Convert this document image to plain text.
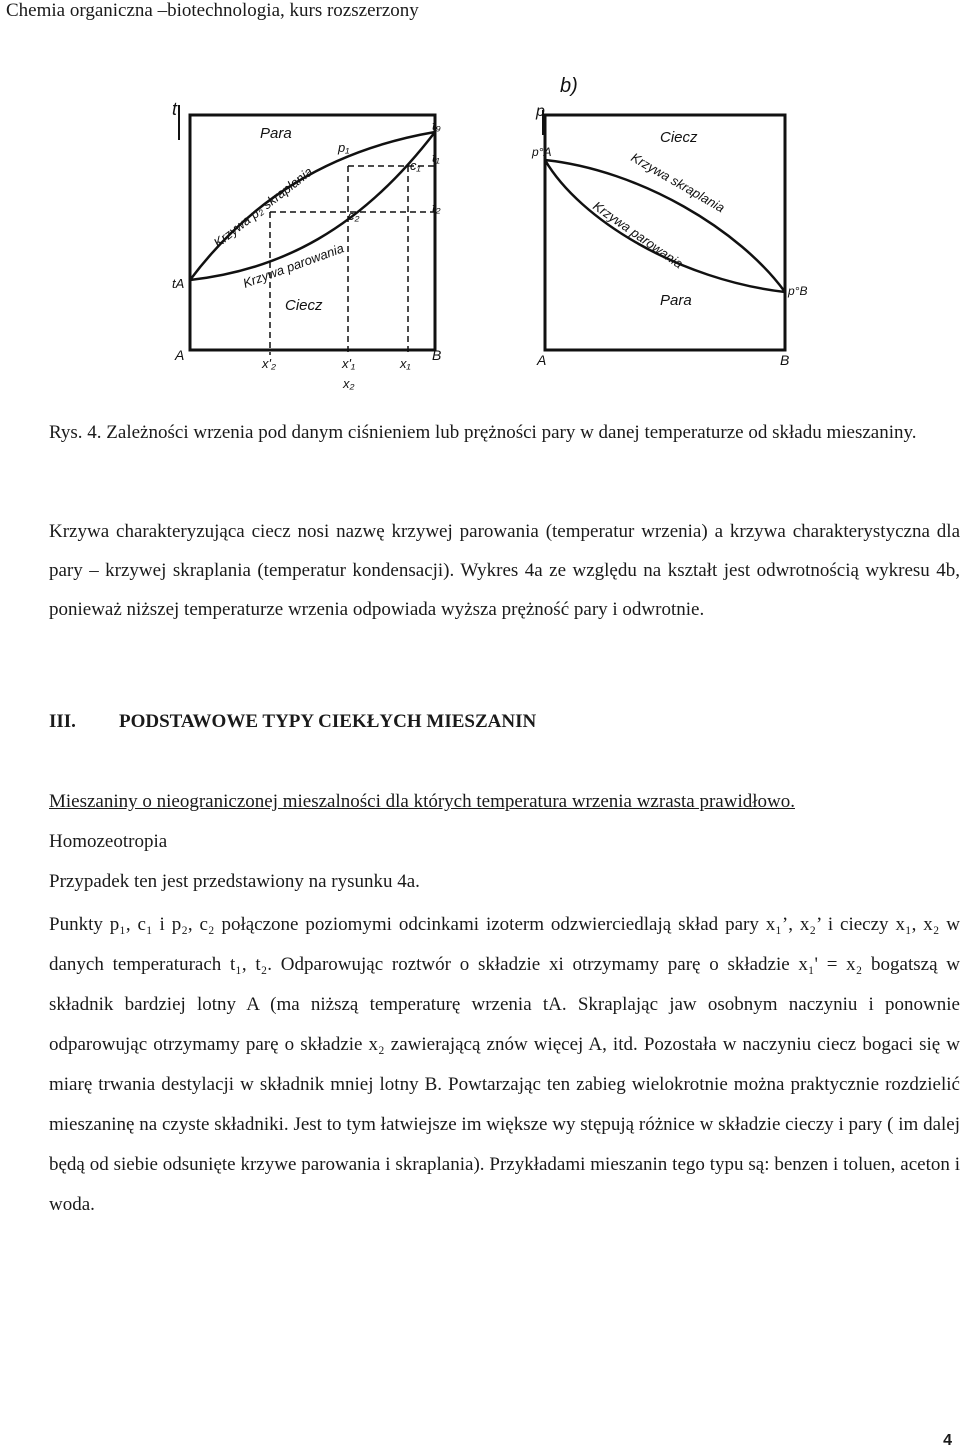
Chemia organiczna –biotechnologia, kurs rozszerzony
t
Para
Ciecz
Krzywa p₂ skraplania
Krzywa parowania
p₁
c₁
c₂
t₉
t₁
t₂
tA
A	B
x'₂	x'₁
x₂
x₁
b)
p
p°A
p°B
Ciecz
Para
Krzywa skraplania
Krzywa parowania
A	B
Rys. 4. Zależności wrzenia pod danym ciśnieniem lub prężności pary w danej temperaturze od składu mieszaniny.
Krzywa charakteryzująca ciecz nosi nazwę krzywej parowania (temperatur wrzenia) a krzywa charakterystyczna dla pary – krzywej skraplania (temperatur kondensacji). Wykres 4a ze względu na kształt jest odwrotnością wykresu 4b, ponieważ niższej temperaturze wrzenia odpowiada wyższa prężność pary i odwrotnie.
III. PODSTAWOWE TYPY CIEKŁYCH MIESZANIN
Mieszaniny o nieograniczonej mieszalności dla których temperatura wrzenia wzrasta prawidłowo.
Homozeotropia
Przypadek ten jest przedstawiony na rysunku 4a.
Punkty p₁, c₁ i p₂, c₂ połączone poziomymi odcinkami izoterm odzwierciedlają skład pary x₁’, x₂’ i cieczy x₁, x₂ w danych temperaturach t₁, t₂. Odparowując roztwór o składzie xi otrzymamy parę o składzie x₁' = x₂ bogatszą w składnik bardziej lotny A (ma niższą temperaturę wrzenia tA. Skraplając jaw osobnym naczyniu i ponownie odparowując otrzymamy parę o składzie x₂ zawierającą znów więcej A, itd. Pozostała w naczyniu ciecz bogaci się w miarę trwania destylacji w składnik mniej lotny B. Powtarzając ten zabieg wielokrotnie można praktycznie rozdzielić mieszaninę na czyste składniki. Jest to tym łatwiejsze im większe wy stępują różnice w składzie cieczy i pary ( im dalej będą od siebie odsunięte krzywe parowania i skraplania). Przykładami mieszanin tego typu są: benzen i toluen, aceton i woda.
4
